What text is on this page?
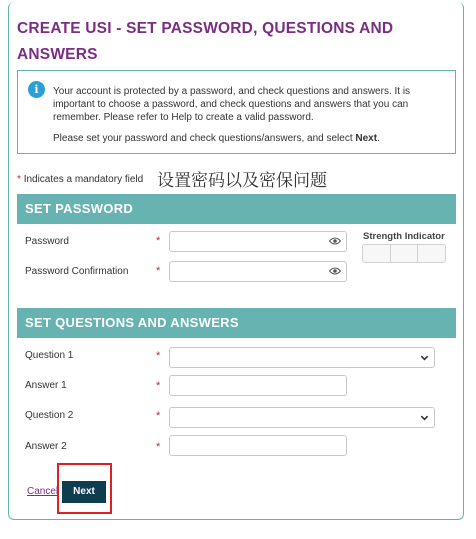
CREATE USI - SET PASSWORD, QUESTIONS AND ANSWERS
i	Your account is protected by a password, and check questions and answers. It is important to choose a password, and check questions and answers that you can remember. Please refer to Help to create a valid password.

Please set your password and check questions/answers, and select Next.

* Indicates a mandatory field 设置密码以及密保问题
SET PASSWORD
Password	*
Password Confirmation	*
Strength Indicator
SET QUESTIONS AND ANSWERS
Question 1	*
Answer 1	*
Question 2	*
Answer 2	*
Cancel	Next
